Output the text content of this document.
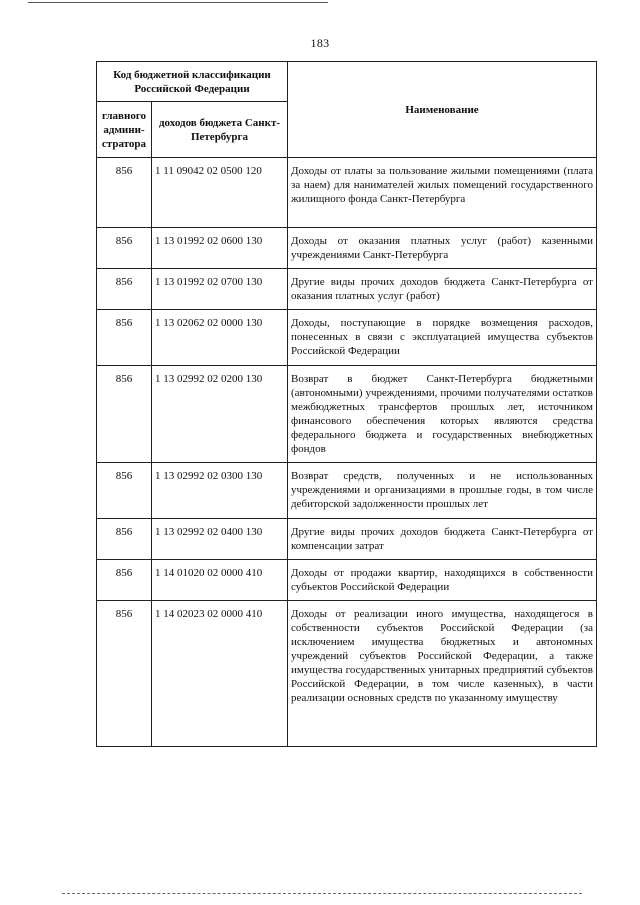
183
Код бюджетной классификации Российской Федерации		Наименование
главного админи-стратора	доходов бюджета Санкт-Петербурга	
856	1 11 09042 02 0500 120	Доходы от платы за пользование жилыми помещениями (плата за наем) для нанимателей жилых помещений государственного жилищного фонда Санкт-Петербурга
856	1 13 01992 02 0600 130	Доходы от оказания платных услуг (работ) казенными учреждениями Санкт-Петербурга
856	1 13 01992 02 0700 130	Другие виды прочих доходов бюджета Санкт-Петербурга от оказания платных услуг (работ)
856	1 13 02062 02 0000 130	Доходы, поступающие в порядке возмещения расходов, понесенных в связи с эксплуатацией имущества субъектов Российской Федерации
856	1 13 02992 02 0200 130	Возврат в бюджет Санкт-Петербурга бюджетными (автономными) учреждениями, прочими получателями остатков межбюджетных трансфертов прошлых лет, источником финансового обеспечения которых являются средства федерального бюджета и государственных внебюджетных фондов
856	1 13 02992 02 0300 130	Возврат средств, полученных и не использованных учреждениями и организациями в прошлые годы, в том числе дебиторской задолженности прошлых лет
856	1 13 02992 02 0400 130	Другие виды прочих доходов бюджета Санкт-Петербурга от компенсации затрат
856	1 14 01020 02 0000 410	Доходы от продажи квартир, находящихся в собственности субъектов Российской Федерации
856	1 14 02023 02 0000 410	Доходы от реализации иного имущества, находящегося в собственности субъектов Российской Федерации (за исключением имущества бюджетных и автономных учреждений субъектов Российской Федерации, а также имущества государственных унитарных предприятий субъектов Российской Федерации, в том числе казенных), в части реализации основных средств по указанному имуществу
